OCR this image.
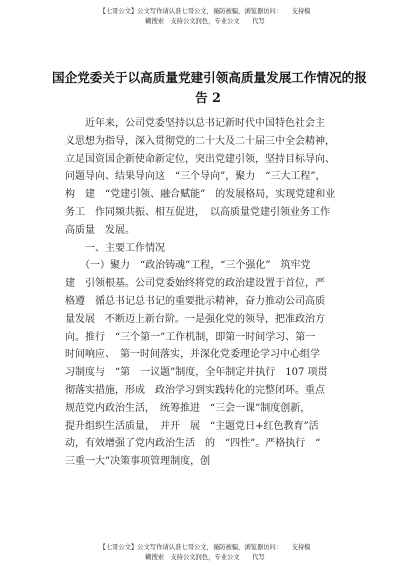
【七哥公文】公文写作请认准七哥公文，谨防被骗，浏览器访问：　　支持模
糊搜索　支持公文润色，专业公文　　代写
国企党委关于以高质量党建引领高质量发展工作情况的报
告 2
　　近年来，公司党委坚持以总书记新时代中国特色社会主
义思想为指导，深入贯彻党的二十大及二十届三中全会精神，
立足国资国企新使命新定位，突出党建引领，坚持目标导向、
问题导向、结果导向这　“三个导向”，聚力　“三大工程”，
构　建　“党建引领、融合赋能”　的发展格局，实现党建和业
务工　作同频共振、相互促进，　以高质量党建引领业务工作
高质量　发展。
　　一、主要工作情况
　　（一）聚力　“政治铸魂”工程，“三个强化”　筑牢党
建　引领根基。公司党委始终将党的政治建设置于首位，严
格遵　循总书记总书记的重要批示精神，奋力推动公司高质
量发展　不断迈上新台阶。一是强化党的领导，把准政治方
向。推行　“三个第一”工作机制，即第一时间学习、第一
时间响应、　第一时间落实，并深化党委理论学习中心组学
习制度与　“第　一议题”制度，全年制定并执行　107 项贯
彻落实措施，形成　政治学习到实践转化的完整闭环。重点
规范党内政治生活，　统筹推进　“三会一课”制度创新，
提升组织生活质量，　并开　展　“主题党日+红色教育”活
动，有效增强了党内政治生活　的　“四性”。严格执行　“
三重一大”决策事项管理制度，创
【七哥公文】公文写作请认准七哥公文，谨防被骗，浏览器访问：　　支持模
糊搜索　支持公文润色，专业公文　　代写
